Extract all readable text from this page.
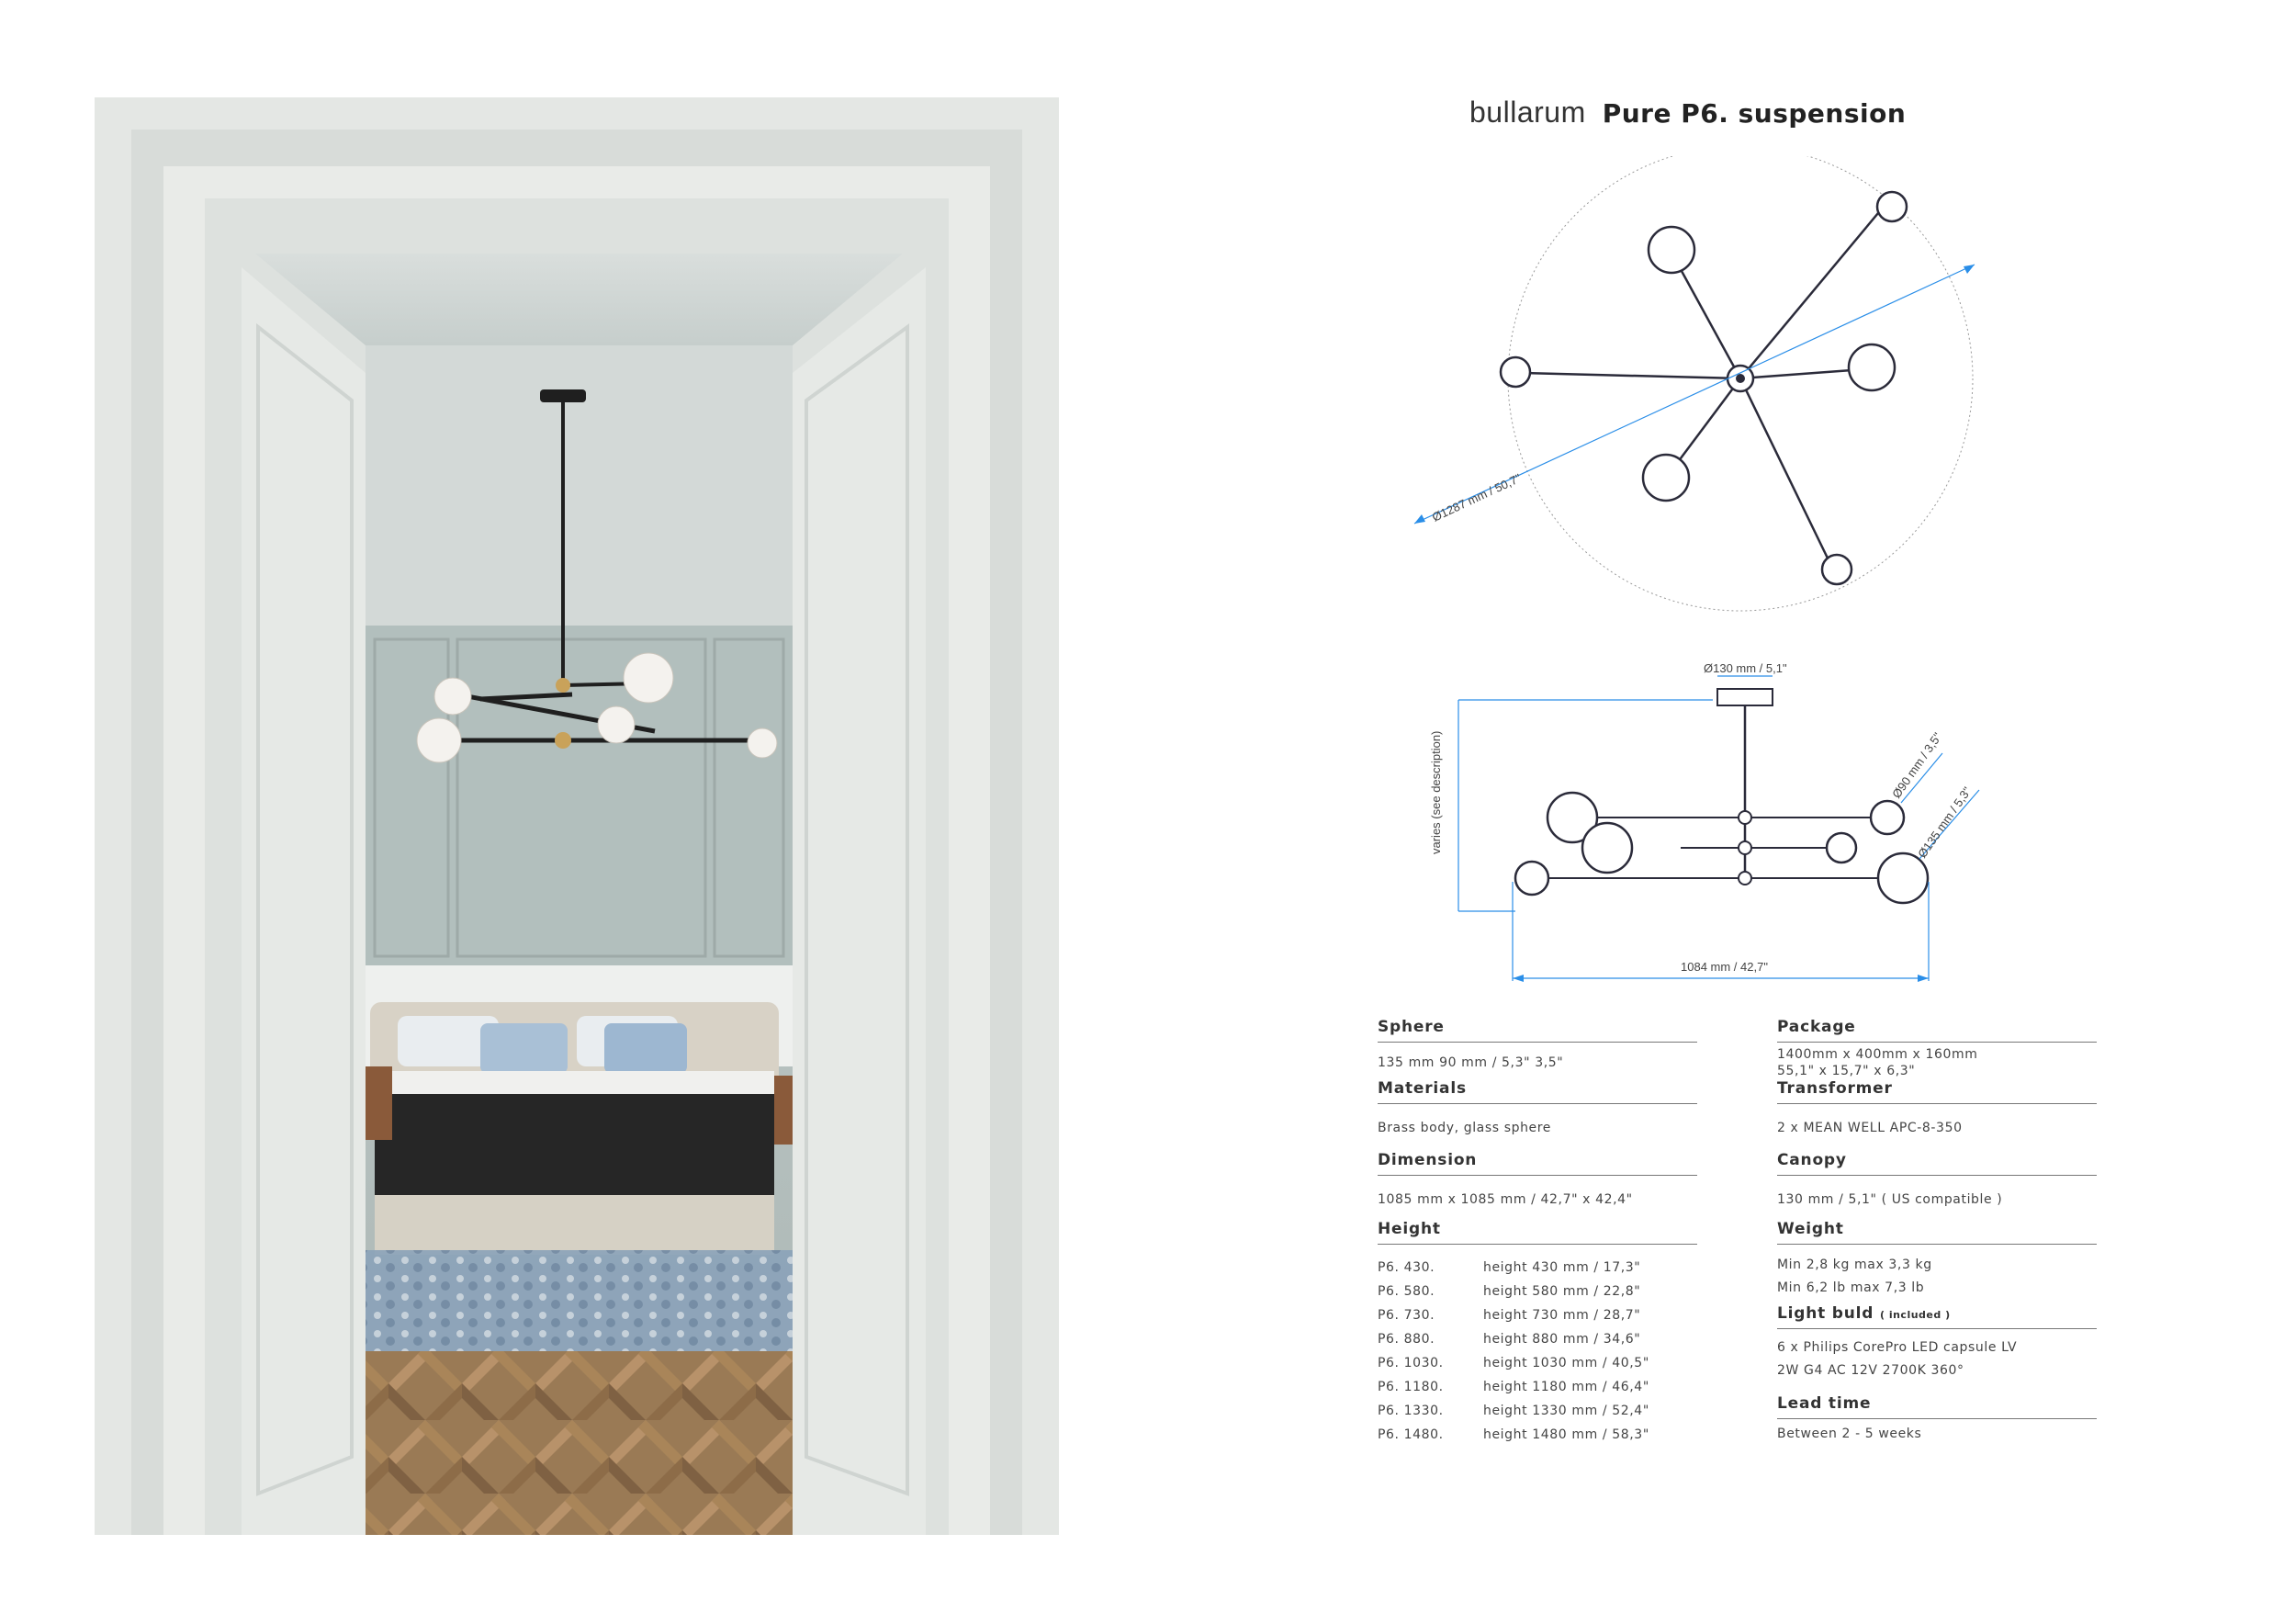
bullarum Pure P6. suspension
Ø1287 mm / 50,7"
Ø130 mm / 5,1"
varies (see description)	Ø90 mm / 3,5"
Ø135 mm / 5,3"
1084 mm / 42,7"
Sphere
135 mm 90 mm / 5,3" 3,5"
Materials
Brass body, glass sphere
Dimension
1085 mm x 1085 mm / 42,7" x 42,4"
Height
P6. 430.	height 430 mm / 17,3"
P6. 580.	height 580 mm / 22,8"
P6. 730.	height 730 mm / 28,7"
P6. 880.	height 880 mm / 34,6"
P6. 1030.	height 1030 mm / 40,5"
P6. 1180.	height 1180 mm / 46,4"
P6. 1330.	height 1330 mm / 52,4"
P6. 1480.	height 1480 mm / 58,3"
Package
1400mm x 400mm x 160mm
55,1" x 15,7" x 6,3"
Transformer
2 x MEAN WELL APC-8-350
Canopy
130 mm / 5,1" ( US compatible )
Weight
Min 2,8 kg max 3,3 kg
Min 6,2 lb max 7,3 lb
Light buld ( included )
6 x Philips CorePro LED capsule LV
2W G4 AC 12V 2700K 360°
Lead time
Between 2 - 5 weeks
